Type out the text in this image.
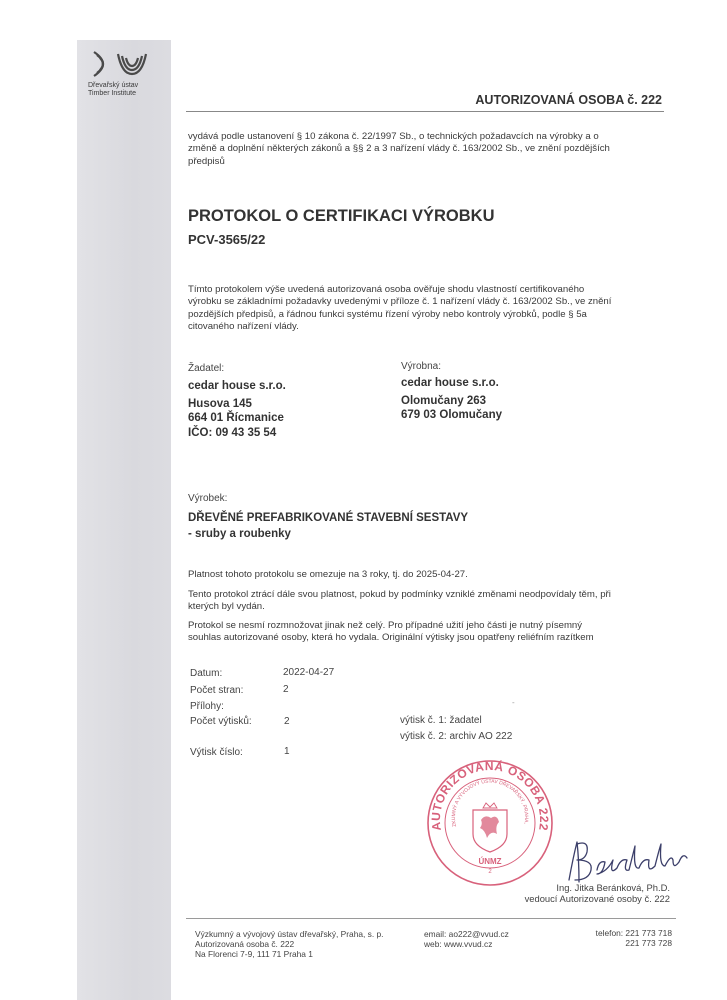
Dřevařský ústav
Timber Institute	AUTORIZOVANÁ OSOBA č. 222
vydává podle ustanovení § 10 zákona č. 22/1997 Sb., o technických požadavcích na výrobky a o
změně a doplnění některých zákonů a §§ 2 a 3 nařízení vlády č. 163/2002 Sb., ve znění pozdějších
předpisů
PROTOKOL O CERTIFIKACI VÝROBKU
PCV-3565/22
Tímto protokolem výše uvedená autorizovaná osoba ověřuje shodu vlastností certifikovaného
výrobku se základními požadavky uvedenými v příloze č. 1 nařízení vlády č. 163/2002 Sb., ve znění
pozdějších předpisů, a řádnou funkci systému řízení výroby nebo kontroly výrobků, podle § 5a
citovaného nařízení vlády.
Žadatel:
cedar house s.r.o.
Husova 145
664 01 Řícmanice
IČO: 09 43 35 54
Výrobna:
cedar house s.r.o.
Olomučany 263
679 03 Olomučany
Výrobek:
DŘEVĚNÉ PREFABRIKOVANÉ STAVEBNÍ SESTAVY
- sruby a roubenky
Platnost tohoto protokolu se omezuje na 3 roky, tj. do 2025-04-27.
Tento protokol ztrácí dále svou platnost, pokud by podmínky vzniklé změnami neodpovídaly těm, při
kterých byl vydán.
Protokol se nesmí rozmnožovat jinak než celý. Pro případné užití jeho části je nutný písemný
souhlas autorizované osoby, která ho vydala. Originální výtisky jsou opatřeny reliéfním razítkem
Datum:	2022-04-27
Počet stran:	2
Přílohy:	-
Počet výtisků:	2	výtisk č. 1: žadatel
výtisk č. 2: archiv AO 222
Výtisk číslo:	1
AUTORIZOVANÁ OSOBA 222
ZKUMNÝ A VÝVOJOVÝ ÚSTAV DŘEVAŘSKÝ, PRAHA,
ÚNMZ
2
Ing. Jitka Beránková, Ph.D.
vedoucí Autorizované osoby č. 222
Výzkumný a vývojový ústav dřevařský, Praha, s. p.
Autorizovaná osoba č. 222
Na Florenci 7-9, 111 71 Praha 1
email: ao222@vvud.cz
web: www.vvud.cz
telefon: 221 773 718
221 773 728
